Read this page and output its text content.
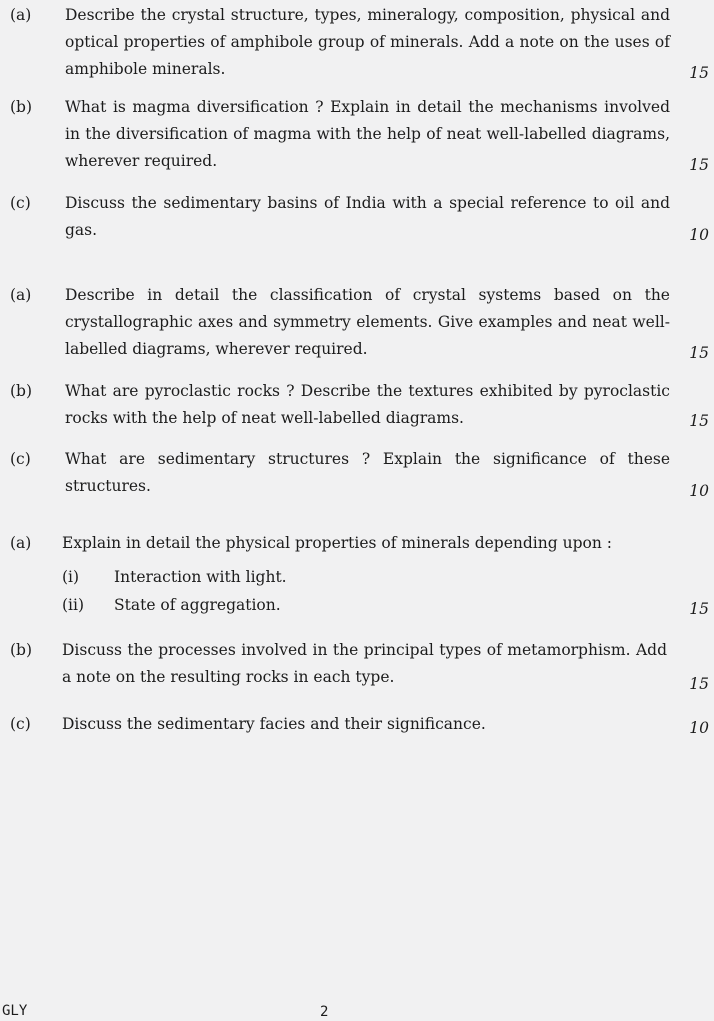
(a) Describe the crystal structure, types, mineralogy, composition, physical and optical properties of amphibole group of minerals. Add a note on the uses of amphibole minerals.	15
(b) What is magma diversification ? Explain in detail the mechanisms involved in the diversification of magma with the help of neat well-labelled diagrams, wherever required.	15
(c) Discuss the sedimentary basins of India with a special reference to oil and gas.	10
(a) Describe in detail the classification of crystal systems based on the crystallographic axes and symmetry elements. Give examples and neat well-labelled diagrams, wherever required.	15
(b) What are pyroclastic rocks ? Describe the textures exhibited by pyroclastic rocks with the help of neat well-labelled diagrams.	15
(c) What are sedimentary structures ? Explain the significance of these structures.	10
(a) Explain in detail the physical properties of minerals depending upon :
(i) Interaction with light.
(ii) State of aggregation.	15
(b) Discuss the processes involved in the principal types of metamorphism. Add a note on the resulting rocks in each type.	15
(c) Discuss the sedimentary facies and their significance.	10
GLY	2
